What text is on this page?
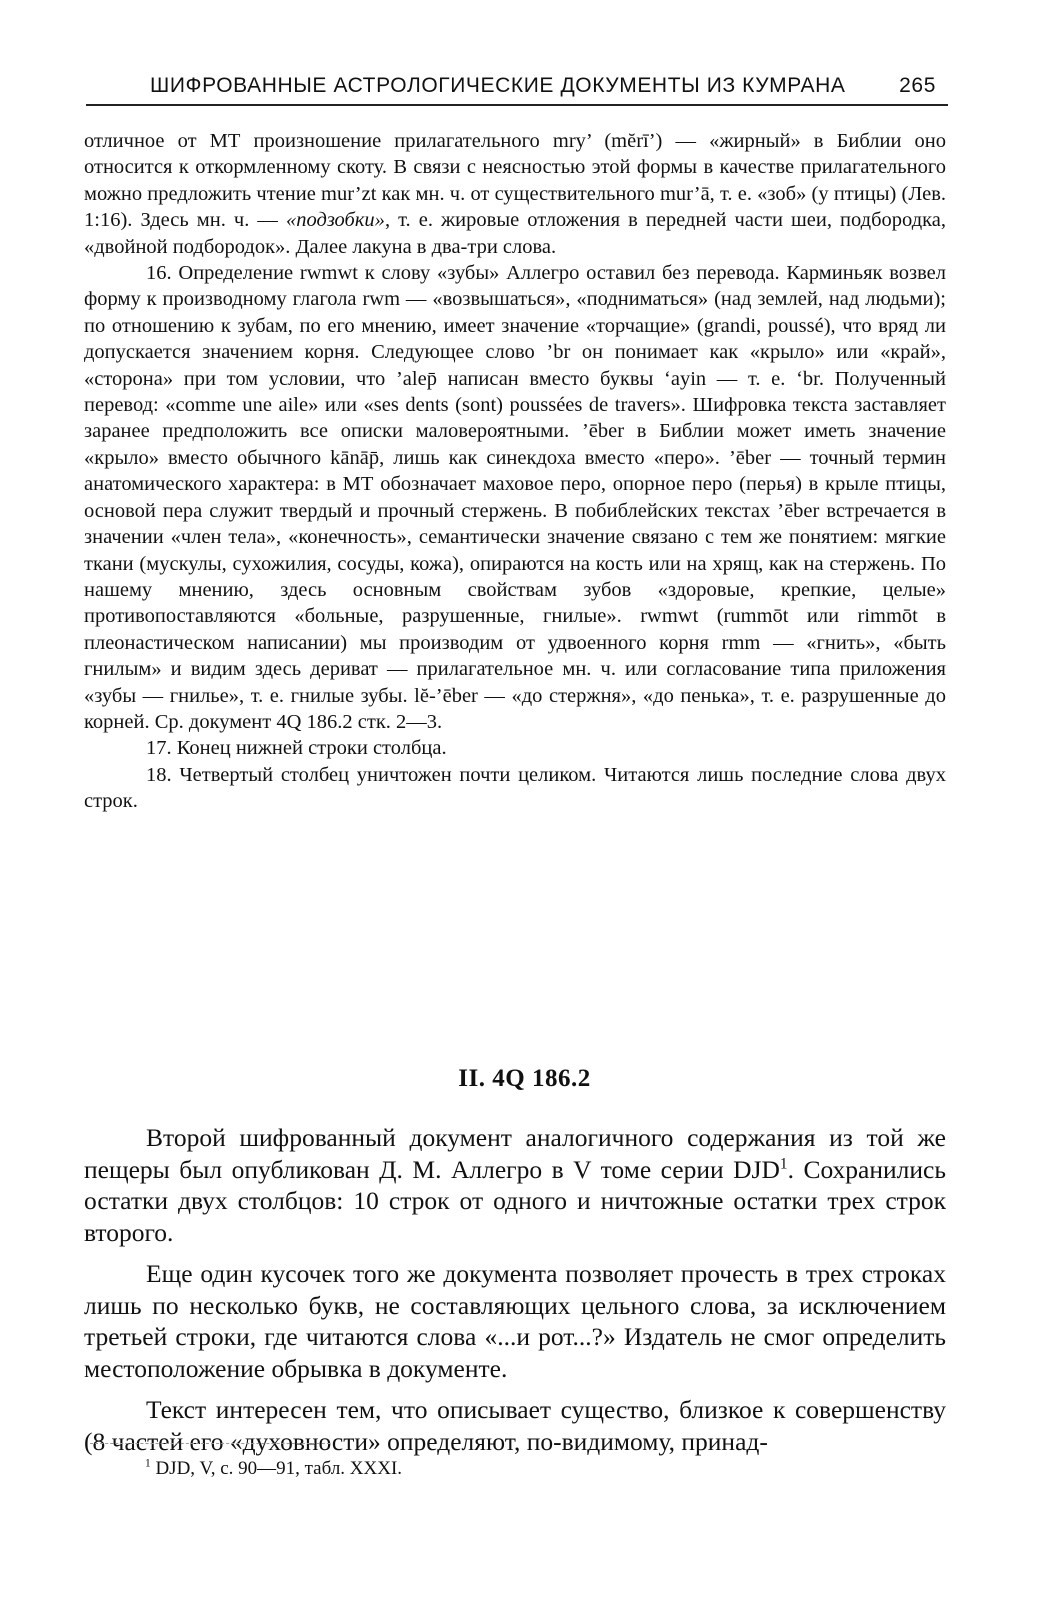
ШИФРОВАННЫЕ АСТРОЛОГИЧЕСКИЕ ДОКУМЕНТЫ ИЗ КУМРАНА	265

отличное от МТ произношение прилагательного mry’ (mĕrī’) — «жирный» в Библии оно относится к откормленному скоту. В связи с неясностью этой формы в качестве прилагательного можно предложить чтение mur’zt как мн. ч. от существительного mur’ā, т. е. «зоб» (у птицы) (Лев. 1:16). Здесь мн. ч. — «подзобки», т. е. жировые отложения в передней части шеи, подбородка, «двойной подбородок». Далее лакуна в два-три слова.

16. Определение rwmwt к слову «зубы» Аллегро оставил без перевода. Карминьяк возвел форму к производному глагола rwm — «возвышаться», «подниматься» (над землей, над людьми); по отношению к зубам, по его мнению, имеет значение «торчащие» (grandi, poussé), что вряд ли допускается значением корня. Следующее слово ’br он понимает как «крыло» или «край», «сторона» при том условии, что ’alep̄ написан вместо буквы ‘ayin — т. е. ‘br. Полученный перевод: «comme une aile» или «ses dents (sont) poussées de travers». Шифровка текста заставляет заранее предположить все описки маловероятными. ’ēber в Библии может иметь значение «крыло» вместо обычного kānāp̄, лишь как синекдоха вместо «перо». ’ēber — точный термин анатомического характера: в МТ обозначает маховое перо, опорное перо (перья) в крыле птицы, основой пера служит твердый и прочный стержень. В побиблейских текстах ’ēber встречается в значении «член тела», «конечность», семантически значение связано с тем же понятием: мягкие ткани (мускулы, сухожилия, сосуды, кожа), опираются на кость или на хрящ, как на стержень. По нашему мнению, здесь основным свойствам зубов «здоровые, крепкие, целые» противопоставляются «больные, разрушенные, гнилые». rwmwt (rummōt или rimmōt в плеонастическом написании) мы производим от удвоенного корня rmm — «гнить», «быть гнилым» и видим здесь дериват — прилагательное мн. ч. или согласование типа приложения «зубы — гнилье», т. е. гнилые зубы. lĕ-’ēber — «до стержня», «до пенька», т. е. разрушенные до корней. Ср. документ 4Q 186.2 стк. 2—3.

17. Конец нижней строки столбца.

18. Четвертый столбец уничтожен почти целиком. Читаются лишь последние слова двух строк.

II. 4Q 186.2

Второй шифрованный документ аналогичного содержания из той же пещеры был опубликован Д. М. Аллегро в V томе серии DJD$^1$. Сохранились остатки двух столбцов: 10 строк от одного и ничтожные остатки трех строк второго.

Еще один кусочек того же документа позволяет прочесть в трех строках лишь по несколько букв, не составляющих цельного слова, за исключением третьей строки, где читаются слова «...и рот...?» Издатель не смог определить местоположение обрывка в документе.

Текст интересен тем, что описывает существо, близкое к совершенству (8 частей его «духовности» определяют, по-видимому, принад-

$^1$ DJD, V, с. 90—91, табл. XXXI.
